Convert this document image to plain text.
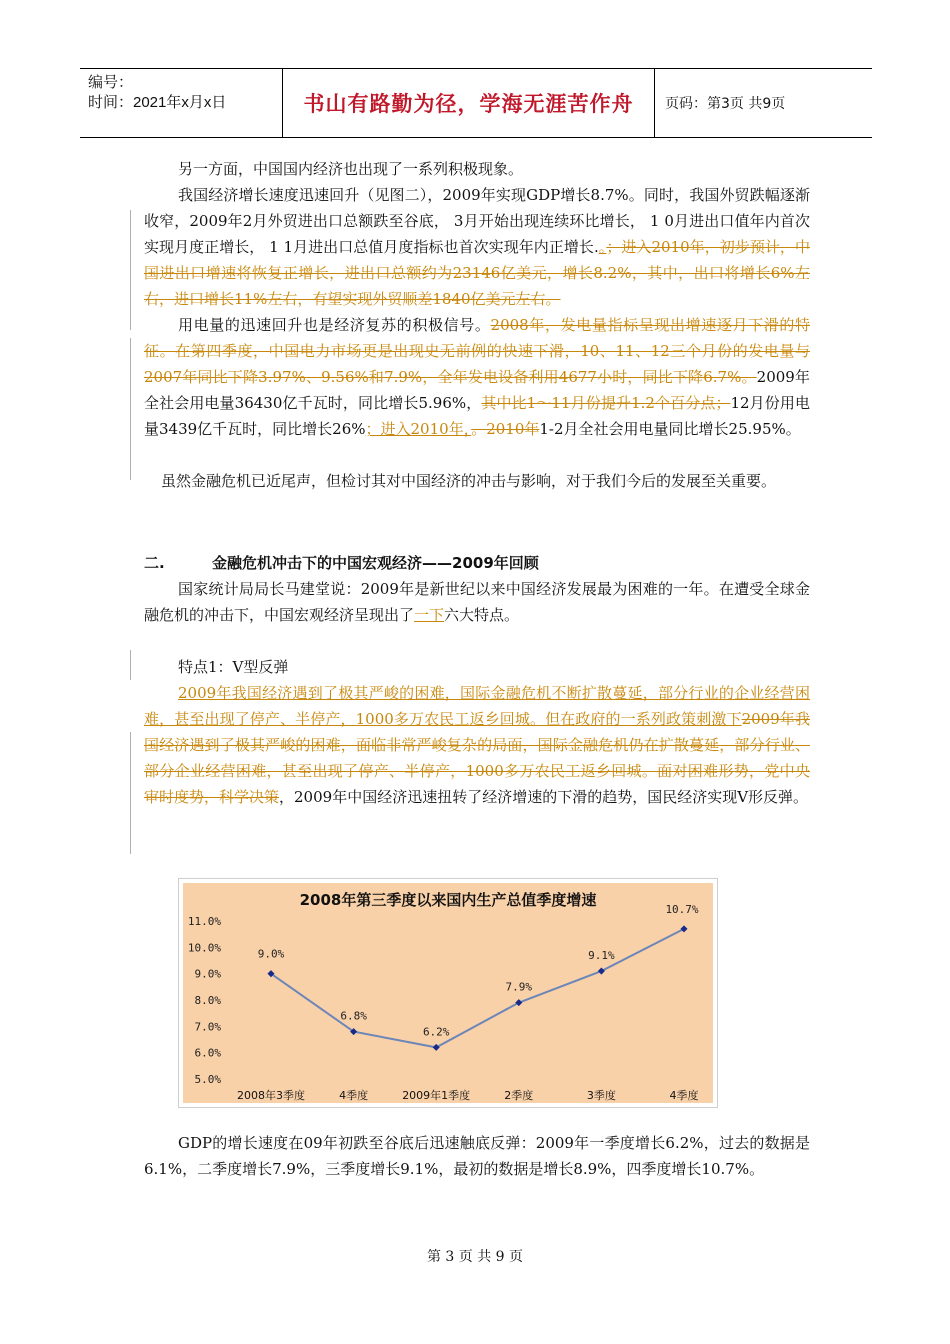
编号：
时间：2021年x月x日	书山有路勤为径，学海无涯苦作舟	页码：第3页 共9页

另一方面，中国国内经济也出现了一系列积极现象。

我国经济增长速度迅速回升（见图二），2009年实现GDP增长8.7%。同时，我国外贸跌幅逐渐收窄，2009年2月外贸进出口总额跌至谷底， 3月开始出现连续环比增长， 1 0月进出口值年内首次实现月度正增长， 1 1月进出口总值月度指标也首次实现年内正增长.。；进入2010年，初步预计，中国进出口增速将恢复正增长，进出口总额约为23146亿美元，增长8.2%，其中，出口将增长6%左右，进口增长11%左右，有望实现外贸顺差1840亿美元左右。

用电量的迅速回升也是经济复苏的积极信号。2008年，发电量指标呈现出增速逐月下滑的特征。在第四季度，中国电力市场更是出现史无前例的快速下滑，10、11、12三个月份的发电量与2007年同比下降3.97%、9.56%和7.9%，全年发电设备利用4677小时，同比下降6.7%。2009年全社会用电量36430亿千瓦时，同比增长5.96%，其中比1～11月份提升1.2个百分点；12月份用电量3439亿千瓦时，同比增长26%；进入2010年，。2010年1-2月全社会用电量同比增长25.95%。

虽然金融危机已近尾声，但检讨其对中国经济的冲击与影响，对于我们今后的发展至关重要。

二.	金融危机冲击下的中国宏观经济——2009年回顾

国家统计局局长马建堂说：2009年是新世纪以来中国经济发展最为困难的一年。在遭受全球金融危机的冲击下，中国宏观经济呈现出了一下六大特点。

特点1：V型反弹

2009年我国经济遇到了极其严峻的困难，国际金融危机不断扩散蔓延，部分行业的企业经营困难，甚至出现了停产、半停产，1000多万农民工返乡回城。但在政府的一系列政策刺激下2009年我国经济遇到了极其严峻的困难，面临非常严峻复杂的局面，国际金融危机仍在扩散蔓延，部分行业、部分企业经营困难，甚至出现了停产、半停产，1000多万农民工返乡回城。面对困难形势，党中央审时度势，科学决策，2009年中国经济迅速扭转了经济增速的下滑的趋势，国民经济实现V形反弹。

2008年第三季度以来国内生产总值季度增速
11.0%
10.0%
9.0%
8.0%
7.0%
6.0%
5.0%
9.0%
2008年3季度
6.8%
4季度
6.2%
2009年1季度
7.9%
2季度
9.1%
3季度
10.7%
4季度

GDP的增长速度在09年初跌至谷底后迅速触底反弹：2009年一季度增长6.2%，过去的数据是6.1%，二季度增长7.9%，三季度增长9.1%，最初的数据是增长8.9%，四季度增长10.7%。

第 3 页 共 9 页
